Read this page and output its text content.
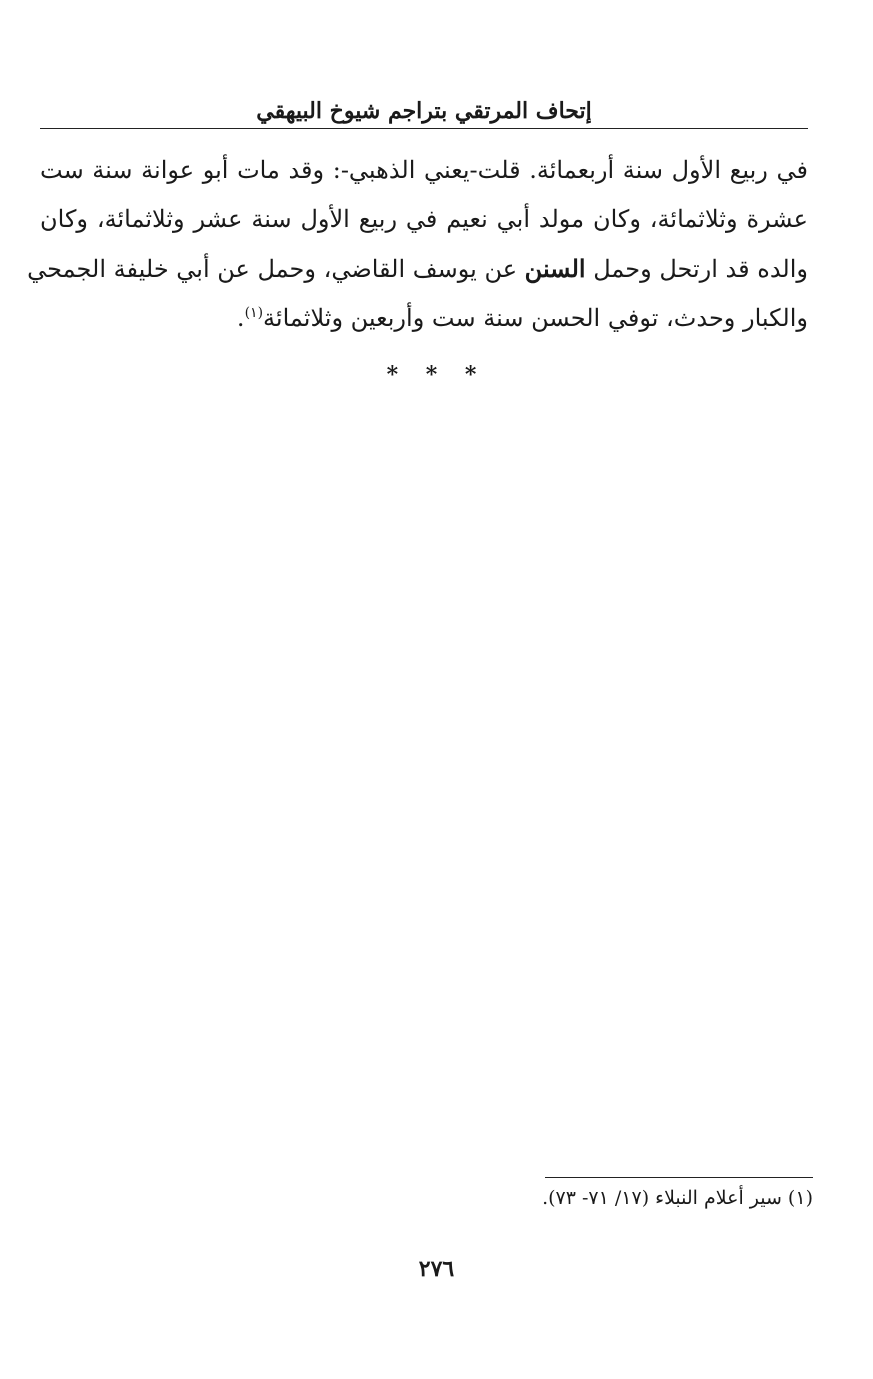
إتحاف المرتقي بتراجم شيوخ البيهقي
في ربيع الأول سنة أربعمائة. قلت-يعني الذهبي-: وقد مات أبو عوانة سنة ست
عشرة وثلاثمائة، وكان مولد أبي نعيم في ربيع الأول سنة عشر وثلاثمائة، وكان
والده قد ارتحل وحمل السنن عن يوسف القاضي، وحمل عن أبي خليفة الجمحي
والكبار وحدث، توفي الحسن سنة ست وأربعين وثلاثمائة$^{(١)}$.
* * *
(١) سير أعلام النبلاء (١٧/ ٧١- ٧٣).
٢٧٦
